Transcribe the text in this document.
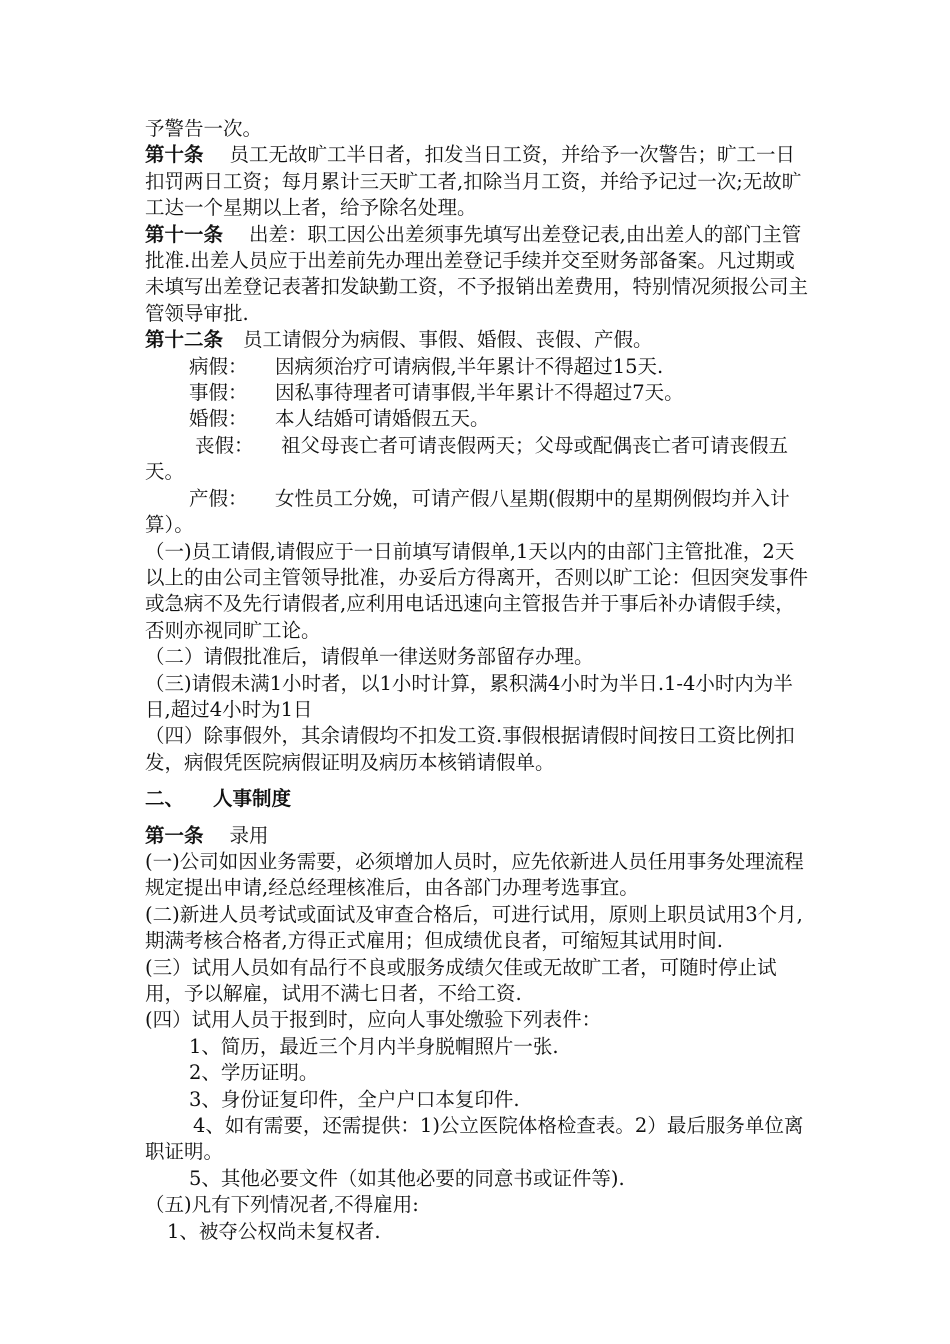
予警告一次。

第十条 员工无故旷工半日者，扣发当日工资，并给予一次警告；旷工一日扣罚两日工资；每月累计三天旷工者,扣除当月工资，并给予记过一次;无故旷工达一个星期以上者，给予除名处理。

第十一条 出差：职工因公出差须事先填写出差登记表,由出差人的部门主管批准.出差人员应于出差前先办理出差登记手续并交至财务部备案。凡过期或未填写出差登记表著扣发缺勤工资，不予报销出差费用，特别情况须报公司主管领导审批.

第十二条 员工请假分为病假、事假、婚假、丧假、产假。

病假： 因病须治疗可请病假,半年累计不得超过15天.

事假： 因私事待理者可请事假,半年累计不得超过7天。

婚假： 本人结婚可请婚假五天。

丧假： 祖父母丧亡者可请丧假两天；父母或配偶丧亡者可请丧假五天。

产假： 女性员工分娩，可请产假八星期(假期中的星期例假均并入计算）。

（一)员工请假,请假应于一日前填写请假单,1天以内的由部门主管批准，2天以上的由公司主管领导批准，办妥后方得离开，否则以旷工论：但因突发事件或急病不及先行请假者,应利用电话迅速向主管报告并于事后补办请假手续，否则亦视同旷工论。

（二）请假批准后，请假单一律送财务部留存办理。

（三)请假未满1小时者，以1小时计算，累积满4小时为半日.1-4小时内为半日,超过4小时为1日

（四）除事假外，其余请假均不扣发工资.事假根据请假时间按日工资比例扣发，病假凭医院病假证明及病历本核销请假单。

二、 人事制度

第一条 录用

(一)公司如因业务需要，必须增加人员时，应先依新进人员任用事务处理流程规定提出申请,经总经理核准后，由各部门办理考选事宜。

(二)新进人员考试或面试及审查合格后，可进行试用，原则上职员试用3个月,期满考核合格者,方得正式雇用；但成绩优良者，可缩短其试用时间.

(三）试用人员如有品行不良或服务成绩欠佳或无故旷工者，可随时停止试用，予以解雇，试用不满七日者，不给工资.

(四）试用人员于报到时，应向人事处缴验下列表件：

1、简历，最近三个月内半身脱帽照片一张.

2、学历证明。

3、身份证复印件，全户户口本复印件.

4、如有需要，还需提供：1)公立医院体格检查表。2）最后服务单位离职证明。

5、其他必要文件（如其他必要的同意书或证件等).

（五)凡有下列情况者,不得雇用:

1、被夺公权尚未复权者.
